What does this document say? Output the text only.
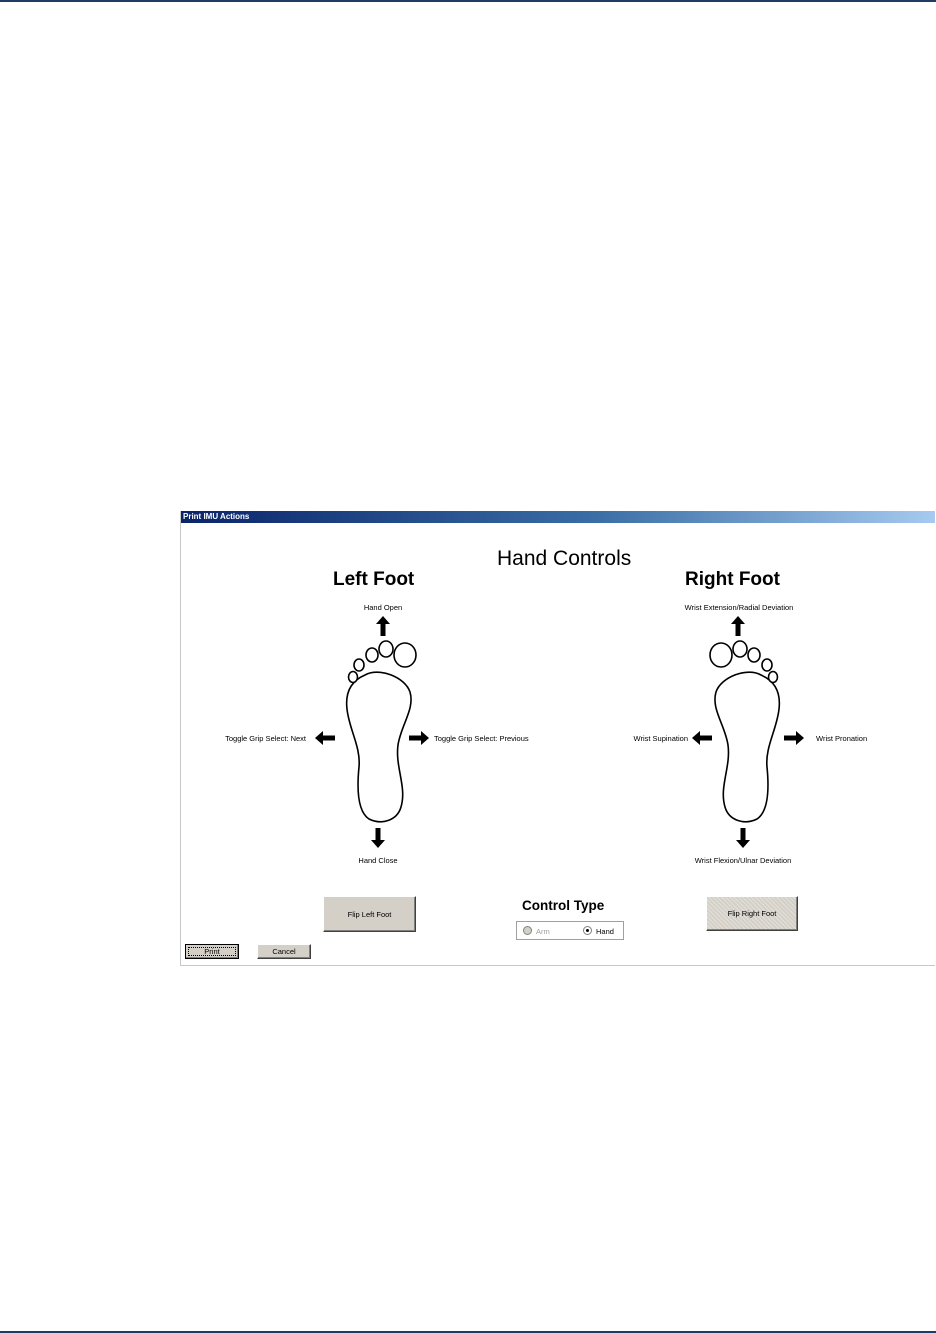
Print IMU Actions
Hand Controls
Left Foot
Hand Open
Hand Close
Toggle Grip Select: Next	Toggle Grip Select: Previous
Flip Left Foot
Right Foot
Wrist Extension/Radial Deviation
Wrist Flexion/Ulnar Deviation
Wrist Supination	Wrist Pronation
Flip Right Foot
Control Type
Arm	Hand
Print	Cancel
